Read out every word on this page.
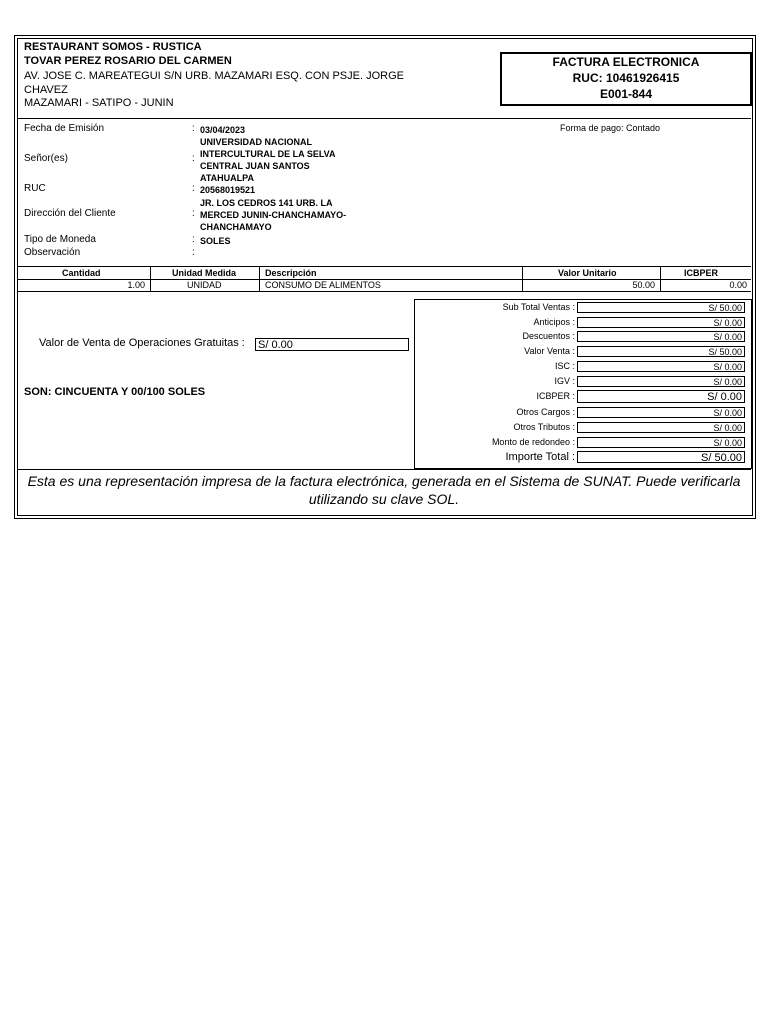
RESTAURANT SOMOS - RUSTICA
TOVAR PEREZ ROSARIO DEL CARMEN
AV. JOSE C. MAREATEGUI S/N URB. MAZAMARI ESQ. CON PSJE. JORGE CHAVEZ
MAZAMARI - SATIPO - JUNIN
FACTURA ELECTRONICA
RUC: 10461926415
E001-844
Fecha de Emisión	: 03/04/2023	Forma de pago: Contado
Señor(es)	:
UNIVERSIDAD NACIONAL INTERCULTURAL DE LA SELVA CENTRAL JUAN SANTOS ATAHUALPA
RUC	: 20568019521
Dirección del Cliente	:
JR. LOS CEDROS 141 URB. LA MERCED JUNIN-CHANCHAMAYO-CHANCHAMAYO
Tipo de Moneda	: SOLES
Observación	:
Cantidad	Unidad Medida	Descripción	Valor Unitario	ICBPER
1.00	UNIDAD	CONSUMO DE ALIMENTOS	50.00	0.00
Valor de Venta de Operaciones Gratuitas : S/ 0.00
SON: CINCUENTA Y 00/100 SOLES
Sub Total Ventas :	S/ 50.00
Anticipos :	S/ 0.00
Descuentos :	S/ 0.00
Valor Venta :	S/ 50.00
ISC :	S/ 0.00
IGV :	S/ 0.00
ICBPER :	S/ 0.00
Otros Cargos :	S/ 0.00
Otros Tributos :	S/ 0.00
Monto de redondeo :	S/ 0.00
Importe Total :	S/ 50.00
Esta es una representación impresa de la factura electrónica, generada en el Sistema de SUNAT. Puede verificarla utilizando su clave SOL.
